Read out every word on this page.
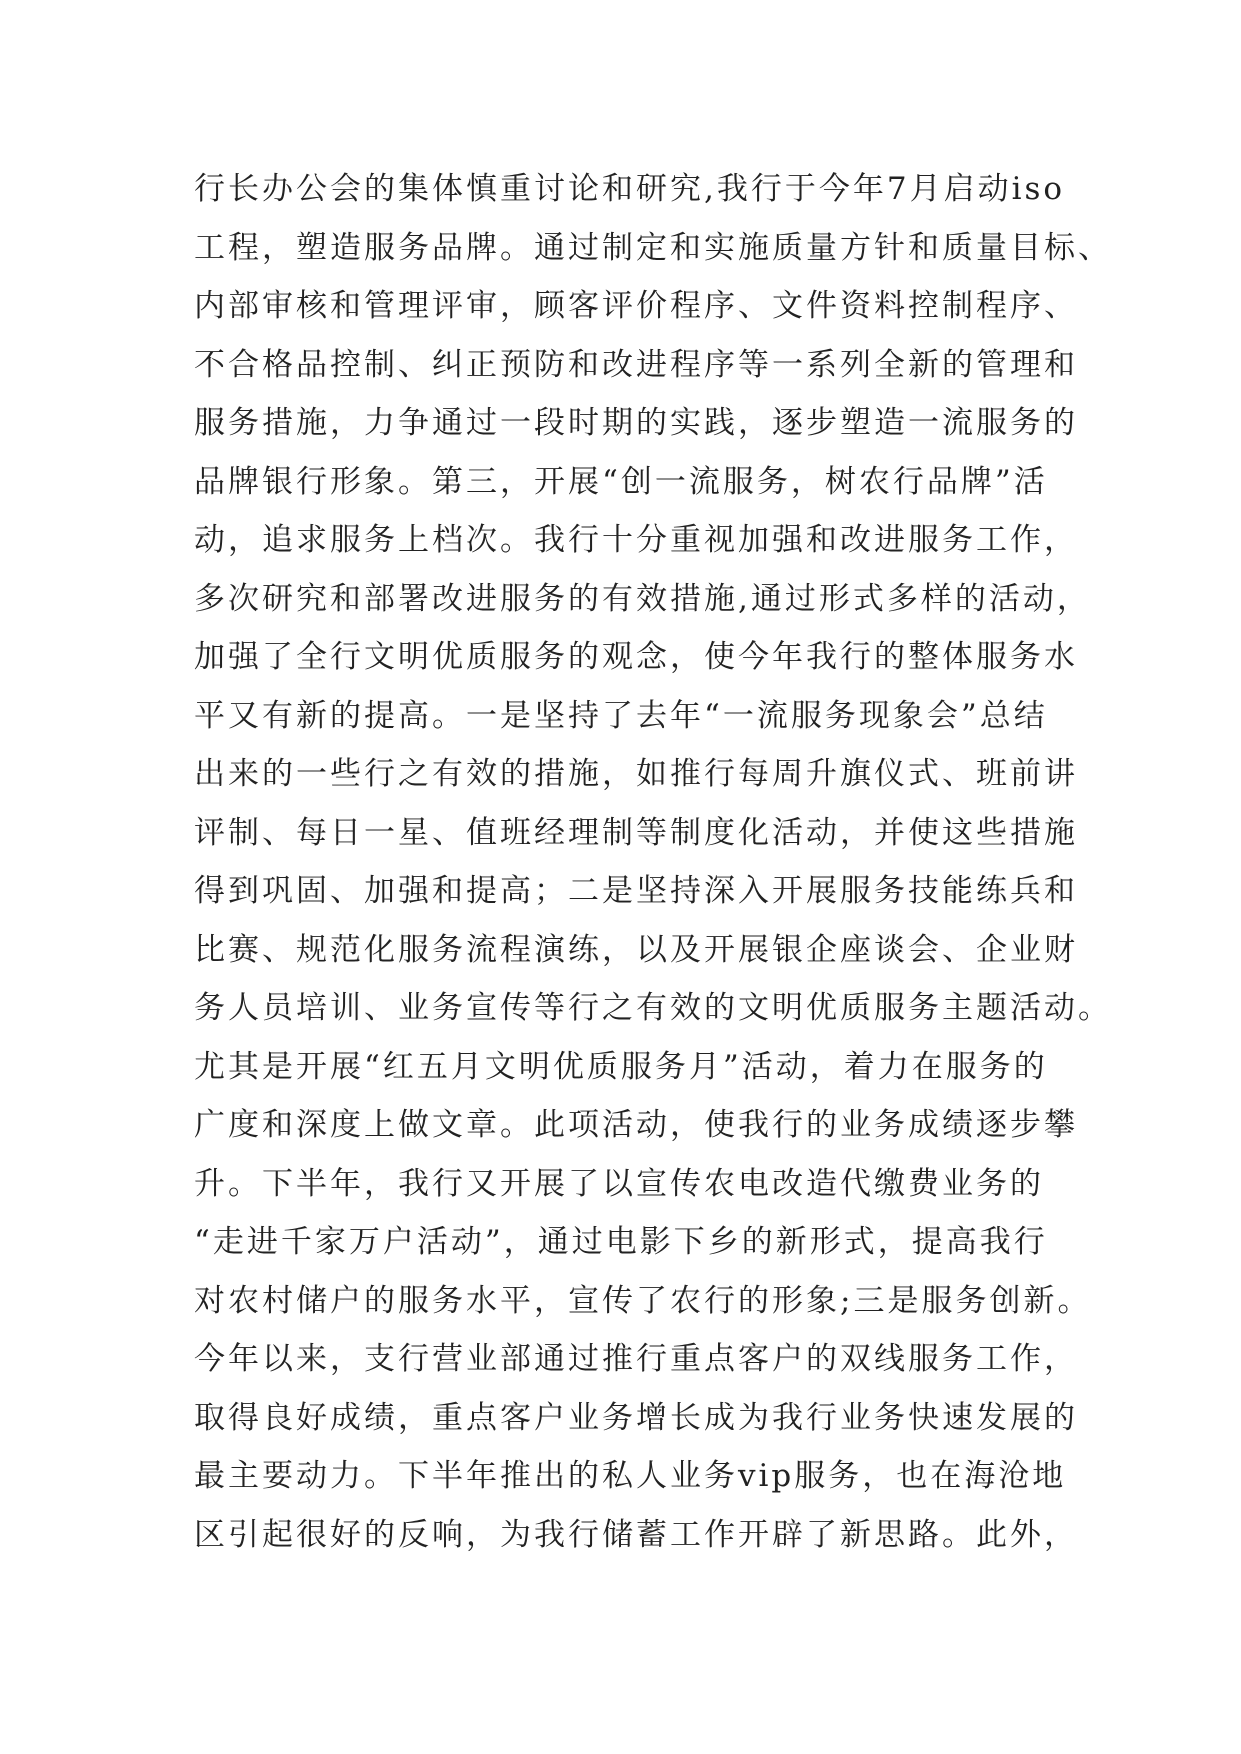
行长办公会的集体慎重讨论和研究,我行于今年7月启动iso
工程，塑造服务品牌。通过制定和实施质量方针和质量目标、
内部审核和管理评审，顾客评价程序、文件资料控制程序、
不合格品控制、纠正预防和改进程序等一系列全新的管理和
服务措施，力争通过一段时期的实践，逐步塑造一流服务的
品牌银行形象。第三，开展“创一流服务，树农行品牌”活
动，追求服务上档次。我行十分重视加强和改进服务工作，
多次研究和部署改进服务的有效措施,通过形式多样的活动，
加强了全行文明优质服务的观念，使今年我行的整体服务水
平又有新的提高。一是坚持了去年“一流服务现象会”总结
出来的一些行之有效的措施，如推行每周升旗仪式、班前讲
评制、每日一星、值班经理制等制度化活动，并使这些措施
得到巩固、加强和提高；二是坚持深入开展服务技能练兵和
比赛、规范化服务流程演练，以及开展银企座谈会、企业财
务人员培训、业务宣传等行之有效的文明优质服务主题活动。
尤其是开展“红五月文明优质服务月”活动，着力在服务的
广度和深度上做文章。此项活动，使我行的业务成绩逐步攀
升。下半年，我行又开展了以宣传农电改造代缴费业务的
“走进千家万户活动”，通过电影下乡的新形式，提高我行
对农村储户的服务水平，宣传了农行的形象;三是服务创新。
今年以来，支行营业部通过推行重点客户的双线服务工作，
取得良好成绩，重点客户业务增长成为我行业务快速发展的
最主要动力。下半年推出的私人业务vip服务，也在海沧地
区引起很好的反响，为我行储蓄工作开辟了新思路。此外，
